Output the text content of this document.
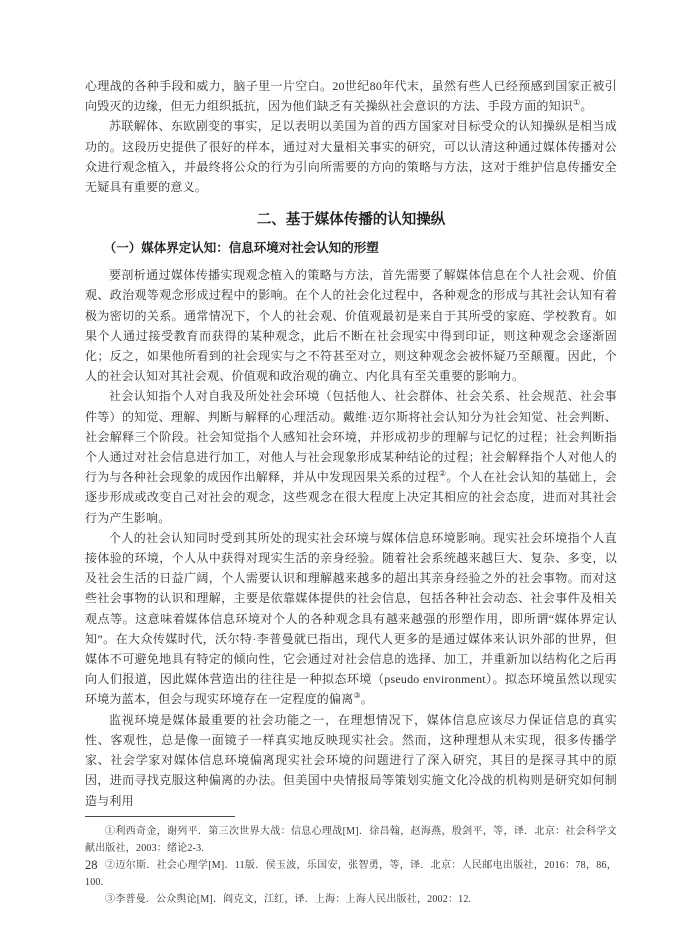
心理战的各种手段和威力，脑子里一片空白。20世纪80年代末，虽然有些人已经预感到国家正被引向毁灭的边缘，但无力组织抵抗，因为他们缺乏有关操纵社会意识的方法、手段方面的知识①。

苏联解体、东欧剧变的事实，足以表明以美国为首的西方国家对目标受众的认知操纵是相当成功的。这段历史提供了很好的样本，通过对大量相关事实的研究，可以认清这种通过媒体传播对公众进行观念植入，并最终将公众的行为引向所需要的方向的策略与方法，这对于维护信息传播安全无疑具有重要的意义。

二、基于媒体传播的认知操纵
（一）媒体界定认知：信息环境对社会认知的形塑

要剖析通过媒体传播实现观念植入的策略与方法，首先需要了解媒体信息在个人社会观、价值观、政治观等观念形成过程中的影响。在个人的社会化过程中，各种观念的形成与其社会认知有着极为密切的关系。通常情况下，个人的社会观、价值观最初是来自于其所受的家庭、学校教育。如果个人通过接受教育而获得的某种观念，此后不断在社会现实中得到印证，则这种观念会逐渐固化；反之，如果他所看到的社会现实与之不符甚至对立，则这种观念会被怀疑乃至颠覆。因此，个人的社会认知对其社会观、价值观和政治观的确立、内化具有至关重要的影响力。

社会认知指个人对自我及所处社会环境（包括他人、社会群体、社会关系、社会规范、社会事件等）的知觉、理解、判断与解释的心理活动。戴维·迈尔斯将社会认知分为社会知觉、社会判断、社会解释三个阶段。社会知觉指个人感知社会环境，并形成初步的理解与记忆的过程；社会判断指个人通过对社会信息进行加工，对他人与社会现象形成某种结论的过程；社会解释指个人对他人的行为与各种社会现象的成因作出解释，并从中发现因果关系的过程②。个人在社会认知的基础上，会逐步形成或改变自己对社会的观念，这些观念在很大程度上决定其相应的社会态度，进而对其社会行为产生影响。

个人的社会认知同时受到其所处的现实社会环境与媒体信息环境影响。现实社会环境指个人直接体验的环境，个人从中获得对现实生活的亲身经验。随着社会系统越来越巨大、复杂、多变，以及社会生活的日益广阔，个人需要认识和理解越来越多的超出其亲身经验之外的社会事物。而对这些社会事物的认识和理解，主要是依靠媒体提供的社会信息，包括各种社会动态、社会事件及相关观点等。这意味着媒体信息环境对个人的各种观念具有越来越强的形塑作用，即所谓“媒体界定认知”。在大众传媒时代，沃尔特·李普曼就已指出，现代人更多的是通过媒体来认识外部的世界，但媒体不可避免地具有特定的倾向性，它会通过对社会信息的选择、加工，并重新加以结构化之后再向人们报道，因此媒体营造出的往往是一种拟态环境（pseudo environment）。拟态环境虽然以现实环境为蓝本，但会与现实环境存在一定程度的偏离③。

监视环境是媒体最重要的社会功能之一，在理想情况下，媒体信息应该尽力保证信息的真实性、客观性，总是像一面镜子一样真实地反映现实社会。然而，这种理想从未实现，很多传播学家、社会学家对媒体信息环境偏离现实社会环境的问题进行了深入研究，其目的是探寻其中的原因，进而寻找克服这种偏离的办法。但美国中央情报局等策划实施文化冷战的机构则是研究如何制造与利用

①利西奇金，谢列平．第三次世界大战：信息心理战[M]．徐昌翰，赵海燕，殷剑平，等，译．北京：社会科学文献出版社，2003：绪论2-3.

②迈尔斯．社会心理学[M]．11版．侯玉波，乐国安，张智勇，等，译．北京：人民邮电出版社，2016：78，86，100.

③李普曼．公众舆论[M]．阎克文，江红，译．上海：上海人民出版社，2002：12.

28
